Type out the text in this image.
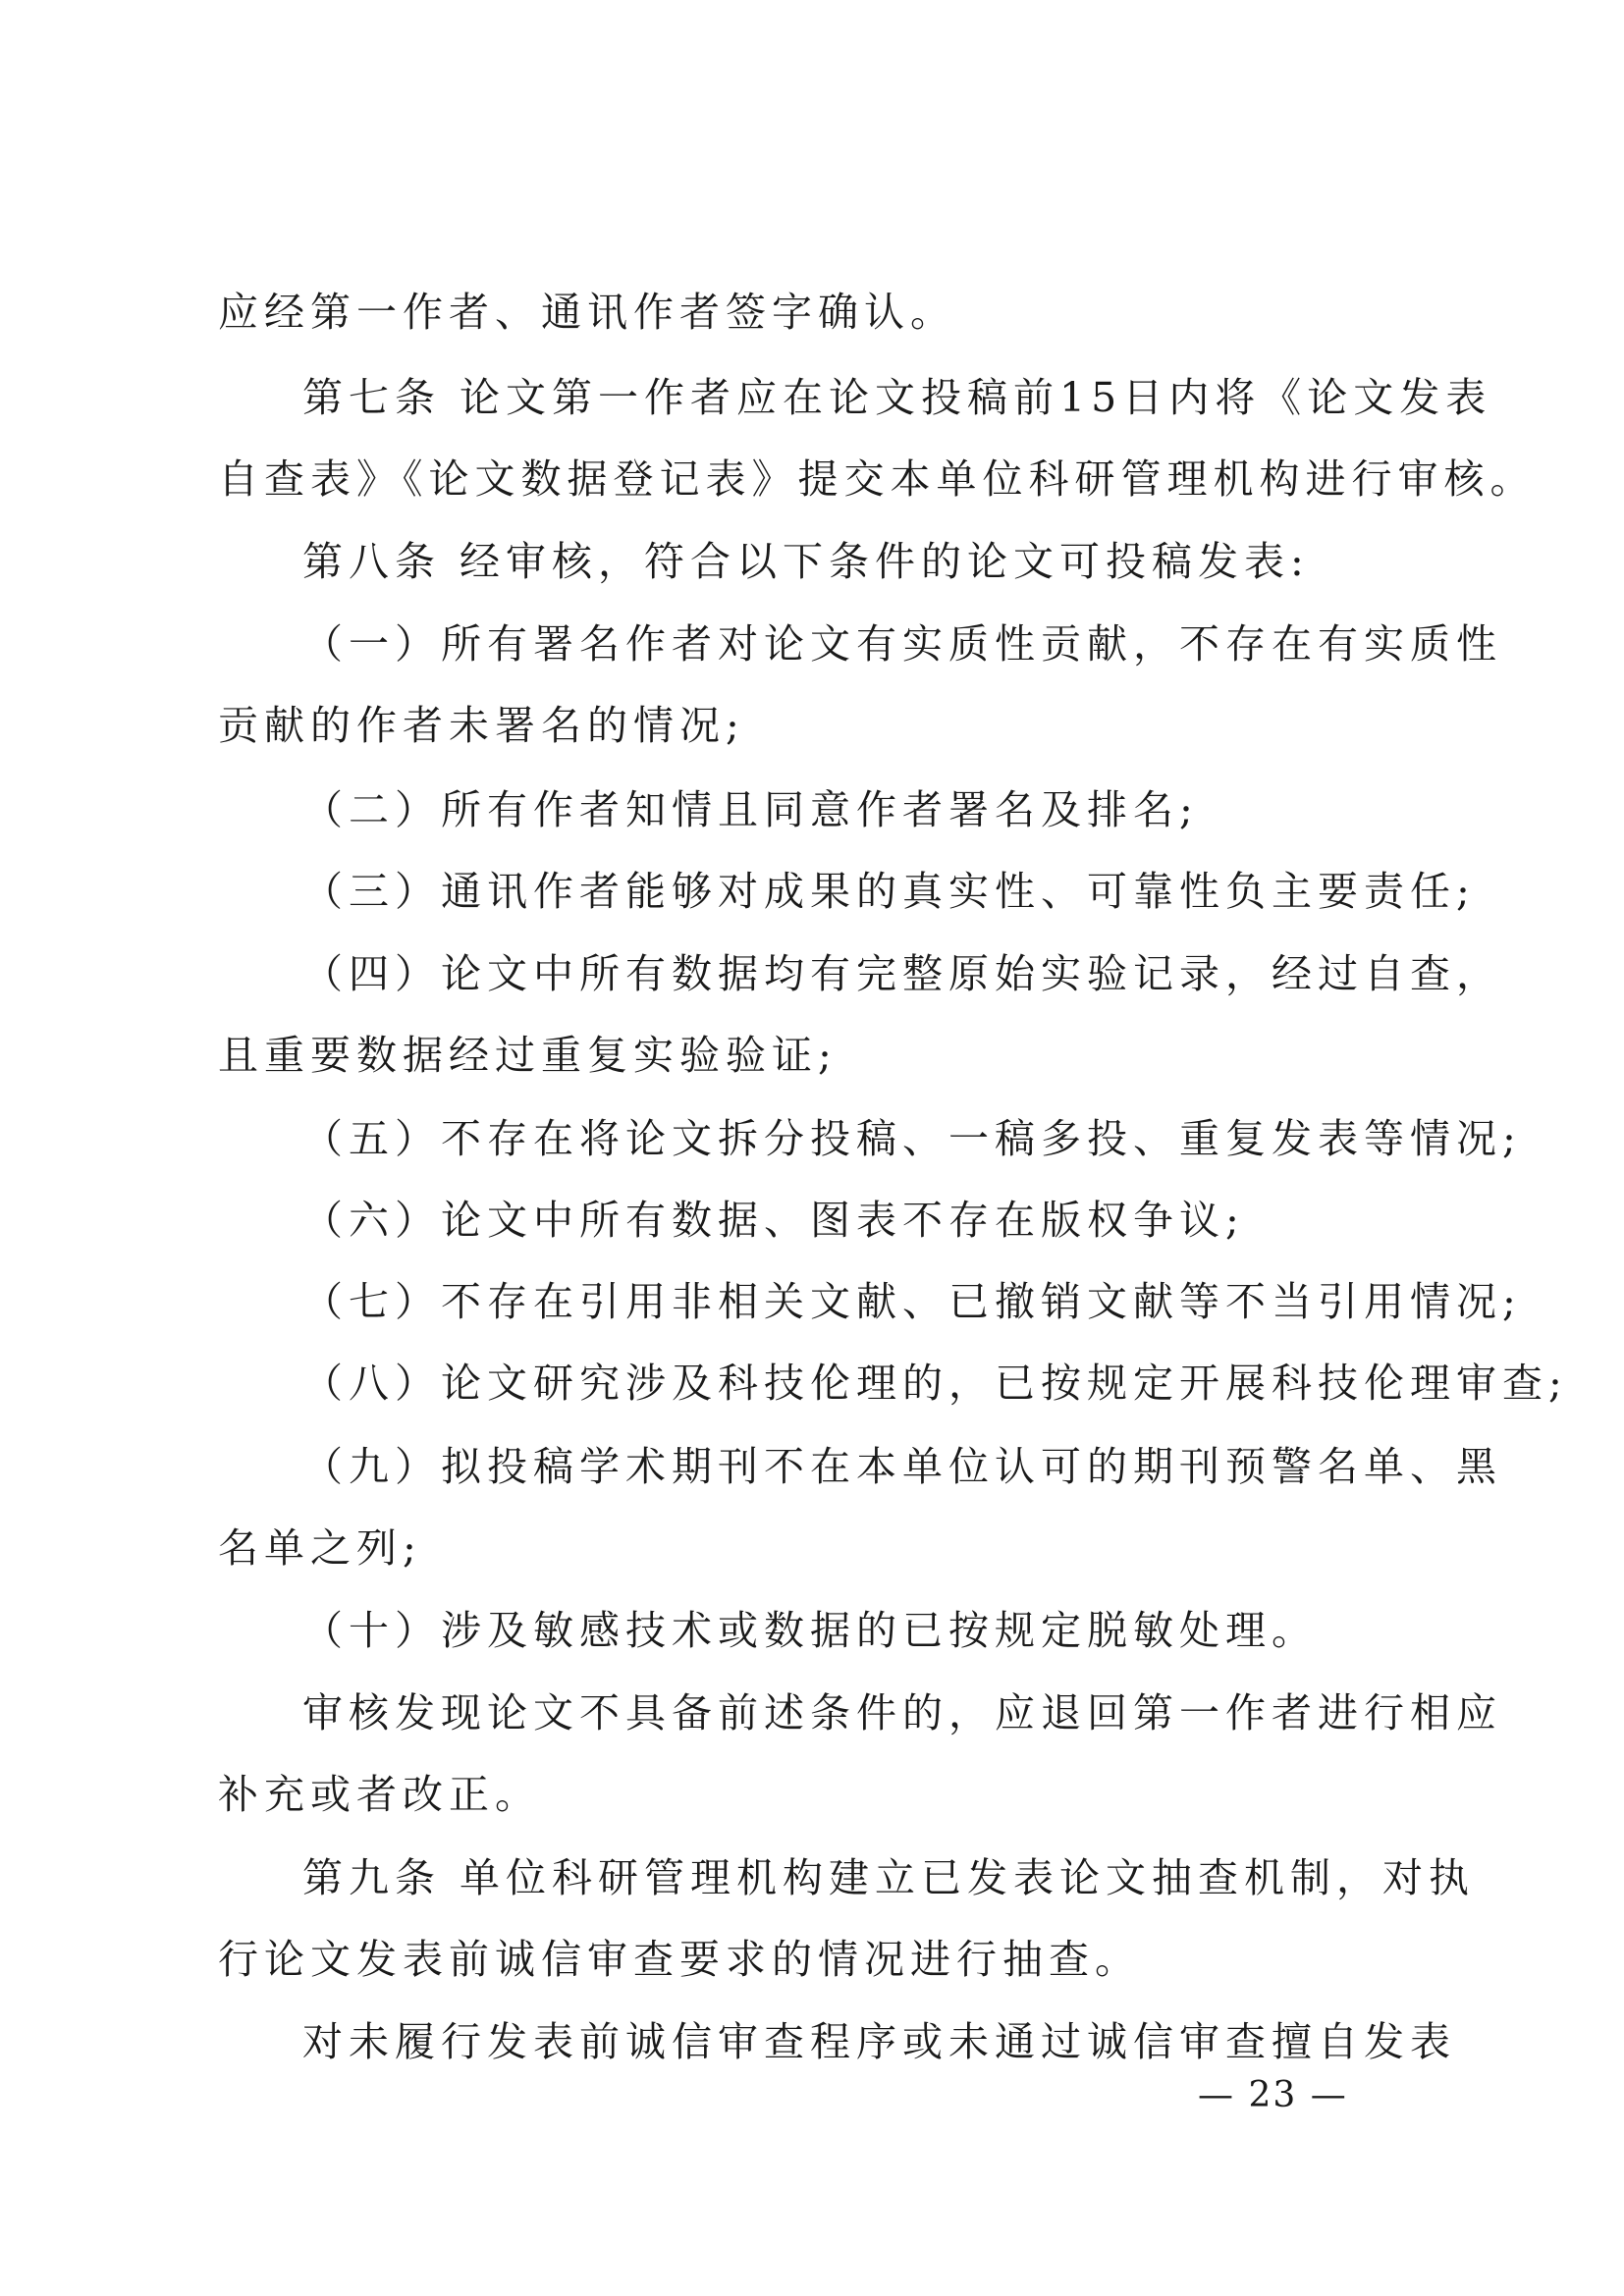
应经第一作者、通讯作者签字确认。
第七条 论文第一作者应在论文投稿前15日内将《论文发表
自查表》《论文数据登记表》提交本单位科研管理机构进行审核。
第八条 经审核，符合以下条件的论文可投稿发表:
（一）所有署名作者对论文有实质性贡献，不存在有实质性
贡献的作者未署名的情况;
（二）所有作者知情且同意作者署名及排名;
（三）通讯作者能够对成果的真实性、可靠性负主要责任;
（四）论文中所有数据均有完整原始实验记录，经过自查，
且重要数据经过重复实验验证;
（五）不存在将论文拆分投稿、一稿多投、重复发表等情况;
（六）论文中所有数据、图表不存在版权争议;
（七）不存在引用非相关文献、已撤销文献等不当引用情况;
（八）论文研究涉及科技伦理的，已按规定开展科技伦理审查;
（九）拟投稿学术期刊不在本单位认可的期刊预警名单、黑
名单之列;
（十）涉及敏感技术或数据的已按规定脱敏处理。
审核发现论文不具备前述条件的，应退回第一作者进行相应
补充或者改正。
第九条 单位科研管理机构建立已发表论文抽查机制，对执
行论文发表前诚信审查要求的情况进行抽查。
对未履行发表前诚信审查程序或未通过诚信审查擅自发表
— 23 —
